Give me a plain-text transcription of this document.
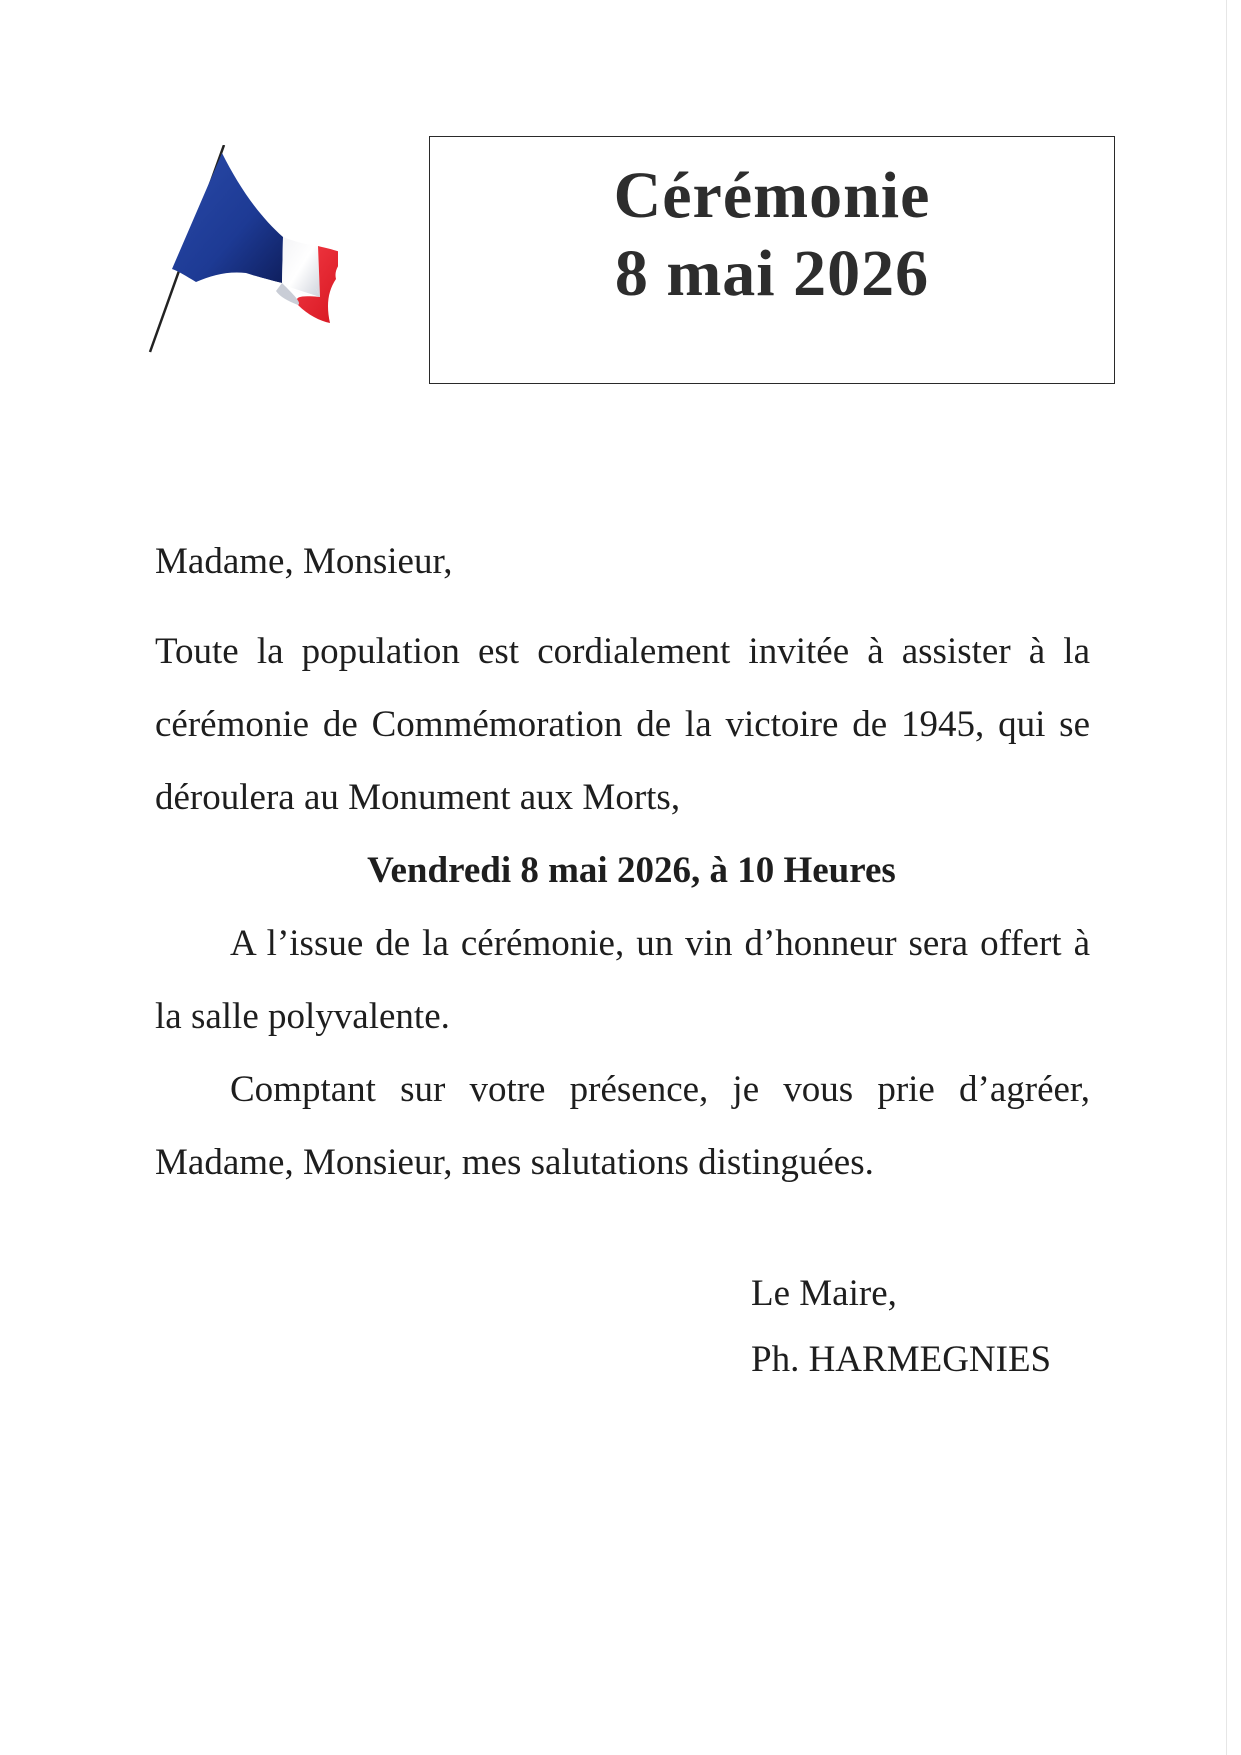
Cérémonie
8 mai 2026

Madame, Monsieur,

Toute la population est cordialement invitée à assister à la cérémonie de Commémoration de la victoire de 1945, qui se déroulera au Monument aux Morts,

Vendredi 8 mai 2026, à 10 Heures

A l’issue de la cérémonie, un vin d’honneur sera offert à la salle polyvalente.

Comptant sur votre présence, je vous prie d’agréer, Madame, Monsieur, mes salutations distinguées.

Le Maire,

Ph. HARMEGNIES
